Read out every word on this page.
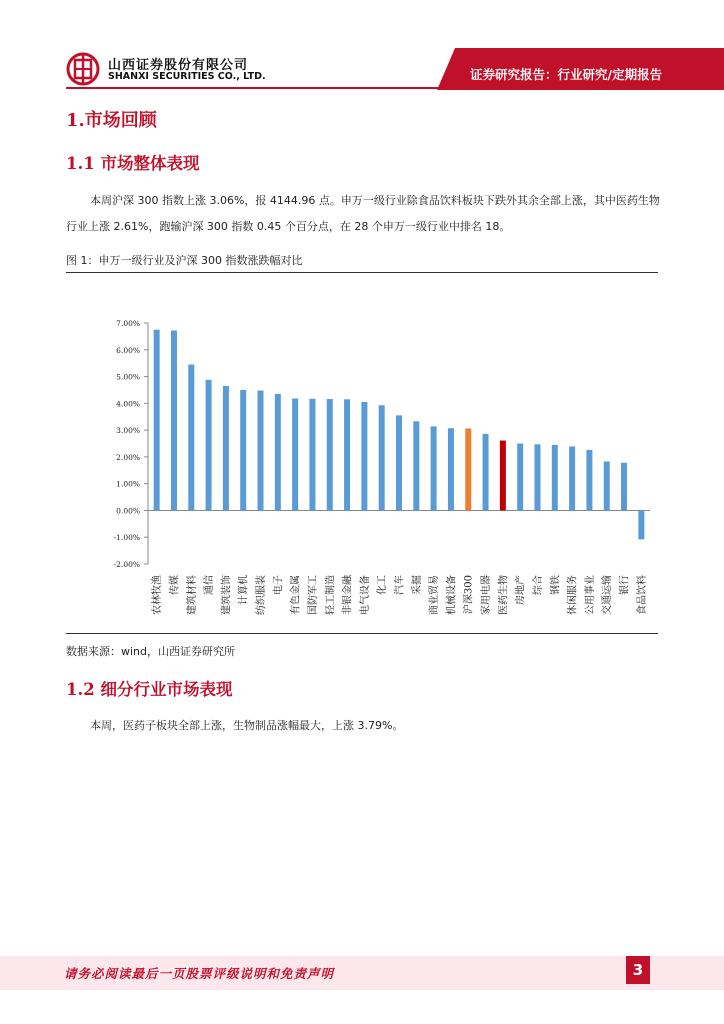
山西证券股份有限公司
SHANXI SECURITIES CO., LTD.	证券研究报告：行业研究/定期报告
1.市场回顾
1.1 市场整体表现
本周沪深 300 指数上涨 3.06%，报 4144.96 点。申万一级行业除食品饮料板块下跌外其余全部上涨，其中医药生物行业上涨 2.61%，跑输沪深 300 指数 0.45 个百分点，在 28 个申万一级行业中排名 18。
图 1：申万一级行业及沪深 300 指数涨跌幅对比
7.00%
6.00%
5.00%
4.00%
3.00%
2.00%
1.00%
0.00%
-1.00%
-2.00%
农林牧渔 传媒 建筑材料 通信 建筑装饰 计算机 纺织服装 电子 有色金属 国防军工 轻工制造 非银金融 电气设备 化工 汽车 采掘 商业贸易 机械设备 沪深300 家用电器 医药生物 房地产 综合 钢铁 休闲服务 公用事业 交通运输 银行 食品饮料
数据来源：wind，山西证券研究所
1.2 细分行业市场表现
本周，医药子板块全部上涨，生物制品涨幅最大，上涨 3.79%。
请务必阅读最后一页股票评级说明和免责声明	3
